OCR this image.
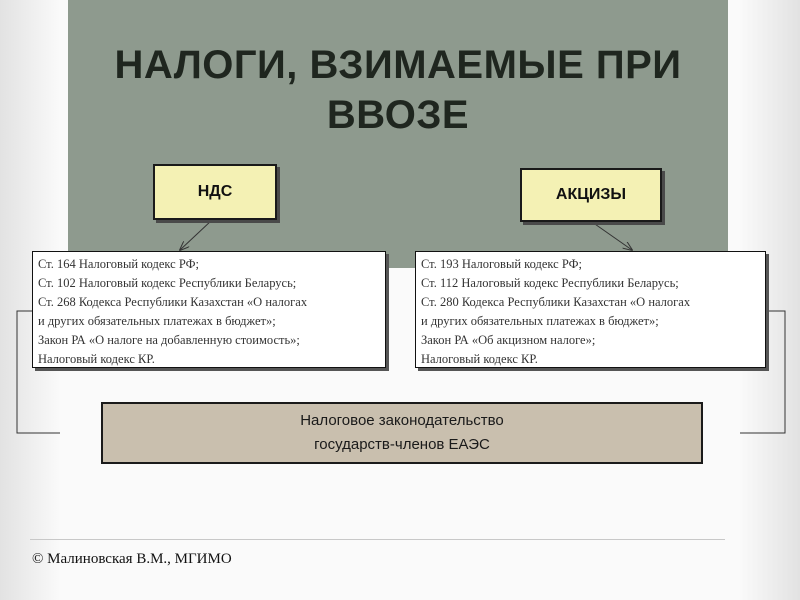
НАЛОГИ, ВЗИМАЕМЫЕ ПРИ ВВОЗЕ
НДС	АКЦИЗЫ
Ст. 164 Налоговый кодекс РФ;
Ст. 102 Налоговый кодекс Республики Беларусь;
Ст. 268 Кодекса Республики Казахстан «О налогах
и других обязательных платежах в бюджет»;
Закон РА «О налоге на добавленную стоимость»;
Налоговый кодекс КР.
Ст. 193 Налоговый кодекс РФ;
Ст. 112 Налоговый кодекс Республики Беларусь;
Ст. 280 Кодекса Республики Казахстан «О налогах
и других обязательных платежах в бюджет»;
Закон РА «Об акцизном налоге»;
Налоговый кодекс КР.
Налоговое законодательство
государств-членов ЕАЭС
© Малиновская В.М., МГИМО
